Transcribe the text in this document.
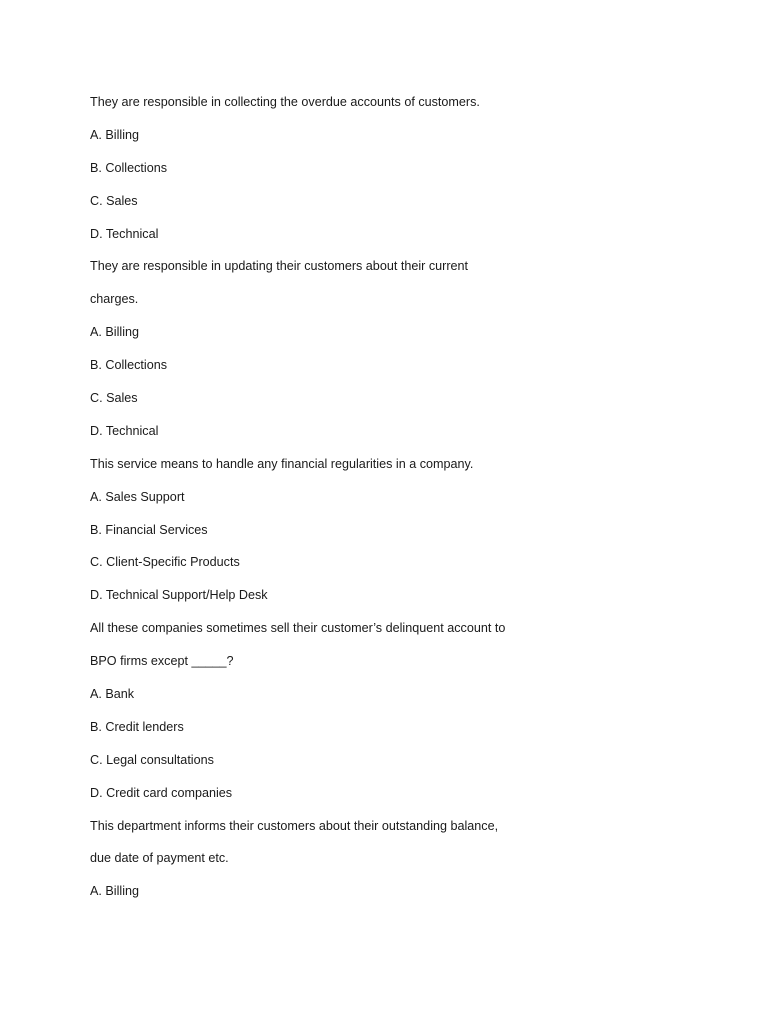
They are responsible in collecting the overdue accounts of customers.
A. Billing
B. Collections
C. Sales
D. Technical
They are responsible in updating their customers about their current
charges.
A. Billing
B. Collections
C. Sales
D. Technical
This service means to handle any financial regularities in a company.
A. Sales Support
B. Financial Services
C. Client-Specific Products
D. Technical Support/Help Desk
All these companies sometimes sell their customer’s delinquent account to
BPO firms except _____?
A. Bank
B. Credit lenders
C. Legal consultations
D. Credit card companies
This department informs their customers about their outstanding balance,
due date of payment etc.
A. Billing
